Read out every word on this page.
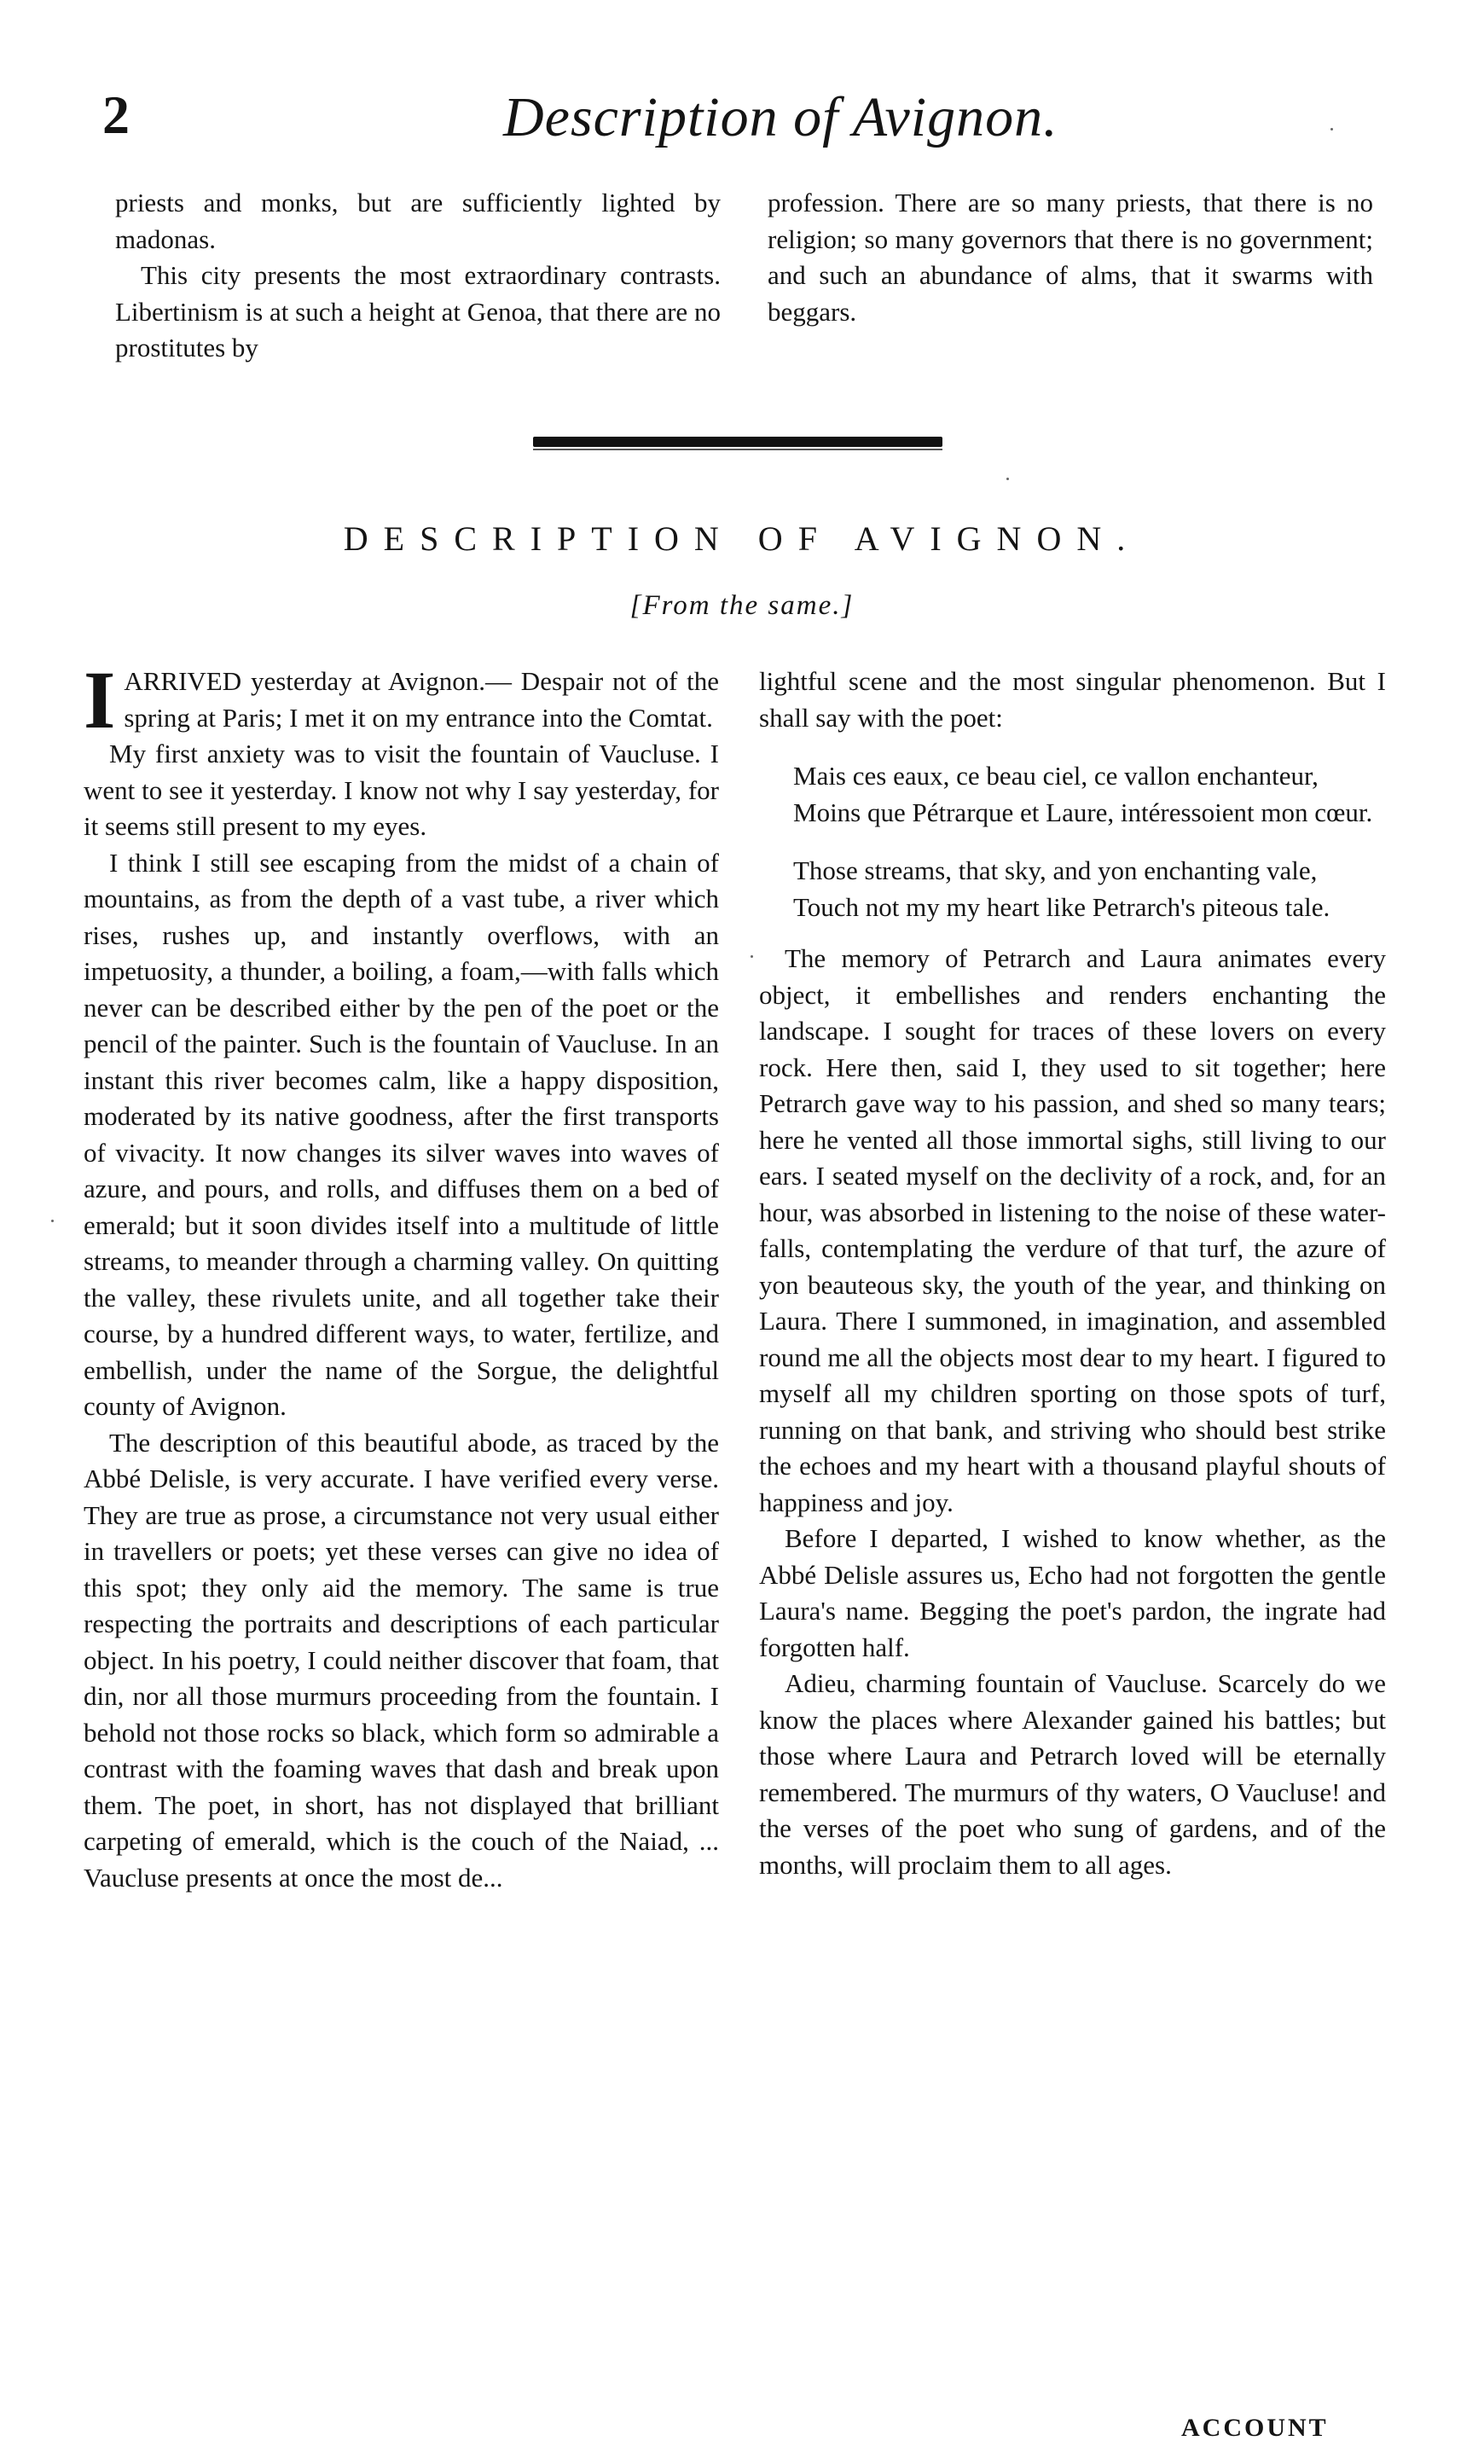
2	Description of Avignon.

priests and monks, but are sufficiently lighted by madonas.

This city presents the most extraordinary contrasts. Libertinism is at such a height at Genoa, that there are no prostitutes by

profession. There are so many priests, that there is no religion; so many governors that there is no government; and such an abundance of alms, that it swarms with beggars.

DESCRIPTION OF AVIGNON.
[From the same.]

IARRIVED yesterday at Avignon.— Despair not of the spring at Paris; I met it on my entrance into the Comtat.

My first anxiety was to visit the fountain of Vaucluse. I went to see it yesterday. I know not why I say yesterday, for it seems still present to my eyes.

I think I still see escaping from the midst of a chain of mountains, as from the depth of a vast tube, a river which rises, rushes up, and instantly overflows, with an impetuosity, a thunder, a boiling, a foam,—with falls which never can be described either by the pen of the poet or the pencil of the painter. Such is the fountain of Vaucluse. In an instant this river becomes calm, like a happy disposition, moderated by its native goodness, after the first transports of vivacity. It now changes its silver waves into waves of azure, and pours, and rolls, and diffuses them on a bed of emerald; but it soon divides itself into a multitude of little streams, to meander through a charming valley. On quitting the valley, these rivulets unite, and all together take their course, by a hundred different ways, to water, fertilize, and embellish, under the name of the Sorgue, the delightful county of Avignon.

The description of this beautiful abode, as traced by the Abbé Delisle, is very accurate. I have verified every verse. They are true as prose, a circumstance not very usual either in travellers or poets; yet these verses can give no idea of this spot; they only aid the memory. The same is true respecting the portraits and descriptions of each particular object. In his poetry, I could neither discover that foam, that din, nor all those murmurs proceeding from the fountain. I behold not those rocks so black, which form so admirable a contrast with the foaming waves that dash and break upon them. The poet, in short, has not displayed that brilliant carpeting of emerald, which is the couch of the Naiad, ... Vaucluse presents at once the most de...

lightful scene and the most singular phenomenon. But I shall say with the poet:

Mais ces eaux, ce beau ciel, ce vallon enchanteur,

Moins que Pétrarque et Laure, intéressoient mon cœur.

Those streams, that sky, and yon enchanting vale,

Touch not my my heart like Petrarch's piteous tale.

The memory of Petrarch and Laura animates every object, it embellishes and renders enchanting the landscape. I sought for traces of these lovers on every rock. Here then, said I, they used to sit together; here Petrarch gave way to his passion, and shed so many tears; here he vented all those immortal sighs, still living to our ears. I seated myself on the declivity of a rock, and, for an hour, was absorbed in listening to the noise of these water-falls, contemplating the verdure of that turf, the azure of yon beauteous sky, the youth of the year, and thinking on Laura. There I summoned, in imagination, and assembled round me all the objects most dear to my heart. I figured to myself all my children sporting on those spots of turf, running on that bank, and striving who should best strike the echoes and my heart with a thousand playful shouts of happiness and joy.

Before I departed, I wished to know whether, as the Abbé Delisle assures us, Echo had not forgotten the gentle Laura's name. Begging the poet's pardon, the ingrate had forgotten half.

Adieu, charming fountain of Vaucluse. Scarcely do we know the places where Alexander gained his battles; but those where Laura and Petrarch loved will be eternally remembered. The murmurs of thy waters, O Vaucluse! and the verses of the poet who sung of gardens, and of the months, will proclaim them to all ages.

ACCOUNT
